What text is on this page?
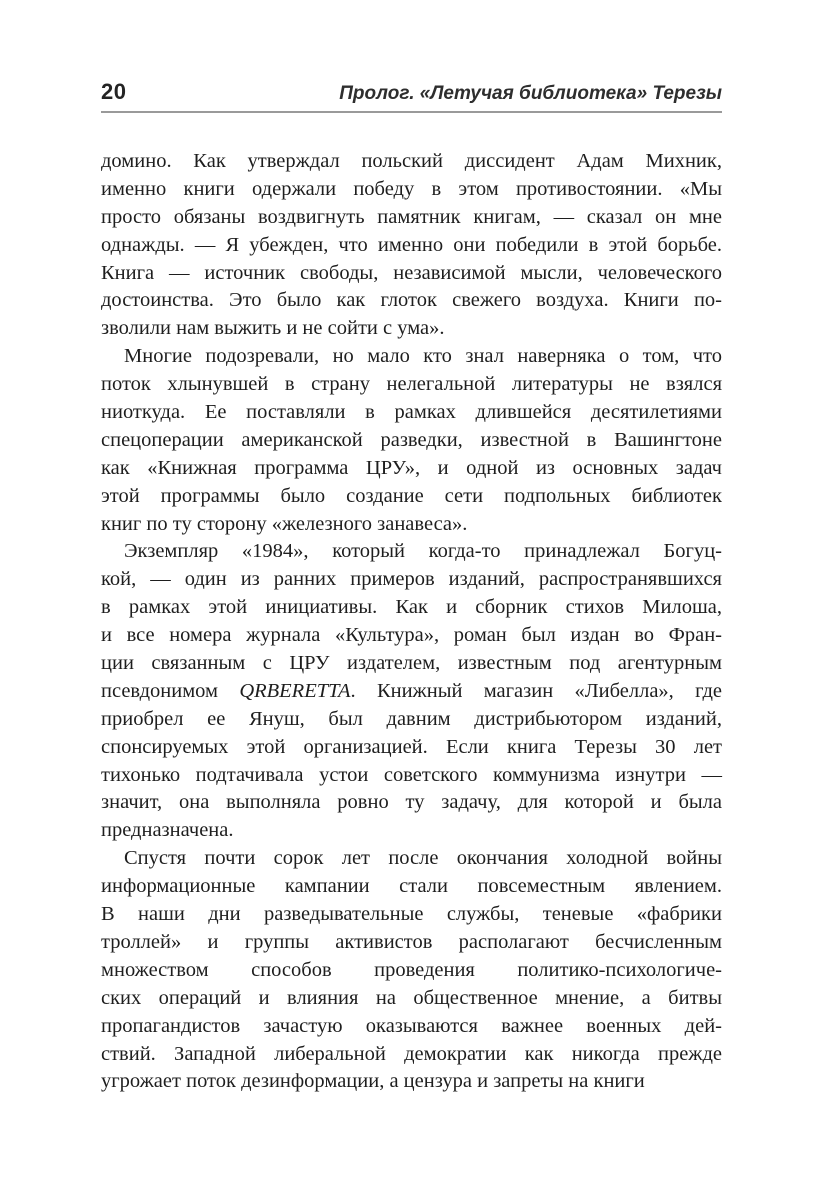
20	Пролог. «Летучая библиотека» Терезы
домино. Как утверждал польский диссидент Адам Михник,
именно книги одержали победу в этом противостоянии. «Мы
просто обязаны воздвигнуть памятник книгам, — сказал он мне
однажды. — Я убежден, что именно они победили в этой борьбе.
Книга — источник свободы, независимой мысли, человеческого
достоинства. Это было как глоток свежего воздуха. Книги по-
зволили нам выжить и не сойти с ума».
Многие подозревали, но мало кто знал наверняка о том, что
поток хлынувшей в страну нелегальной литературы не взялся
ниоткуда. Ее поставляли в рамках длившейся десятилетиями
спецоперации американской разведки, известной в Вашингтоне
как «Книжная программа ЦРУ», и одной из основных задач
этой программы было создание сети подпольных библиотек
книг по ту сторону «железного занавеса».
Экземпляр «1984», который когда-то принадлежал Богуц-
кой, — один из ранних примеров изданий, распространявшихся
в рамках этой инициативы. Как и сборник стихов Милоша,
и все номера журнала «Культура», роман был издан во Фран-
ции связанным с ЦРУ издателем, известным под агентурным
псевдонимом QRBERETTA. Книжный магазин «Либелла», где
приобрел ее Януш, был давним дистрибьютором изданий,
спонсируемых этой организацией. Если книга Терезы 30 лет
тихонько подтачивала устои советского коммунизма изнутри —
значит, она выполняла ровно ту задачу, для которой и была
предназначена.
Спустя почти сорок лет после окончания холодной войны
информационные кампании стали повсеместным явлением.
В наши дни разведывательные службы, теневые «фабрики
троллей» и группы активистов располагают бесчисленным
множеством способов проведения политико-психологиче-
ских операций и влияния на общественное мнение, а битвы
пропагандистов зачастую оказываются важнее военных дей-
ствий. Западной либеральной демократии как никогда прежде
угрожает поток дезинформации, а цензура и запреты на книги
